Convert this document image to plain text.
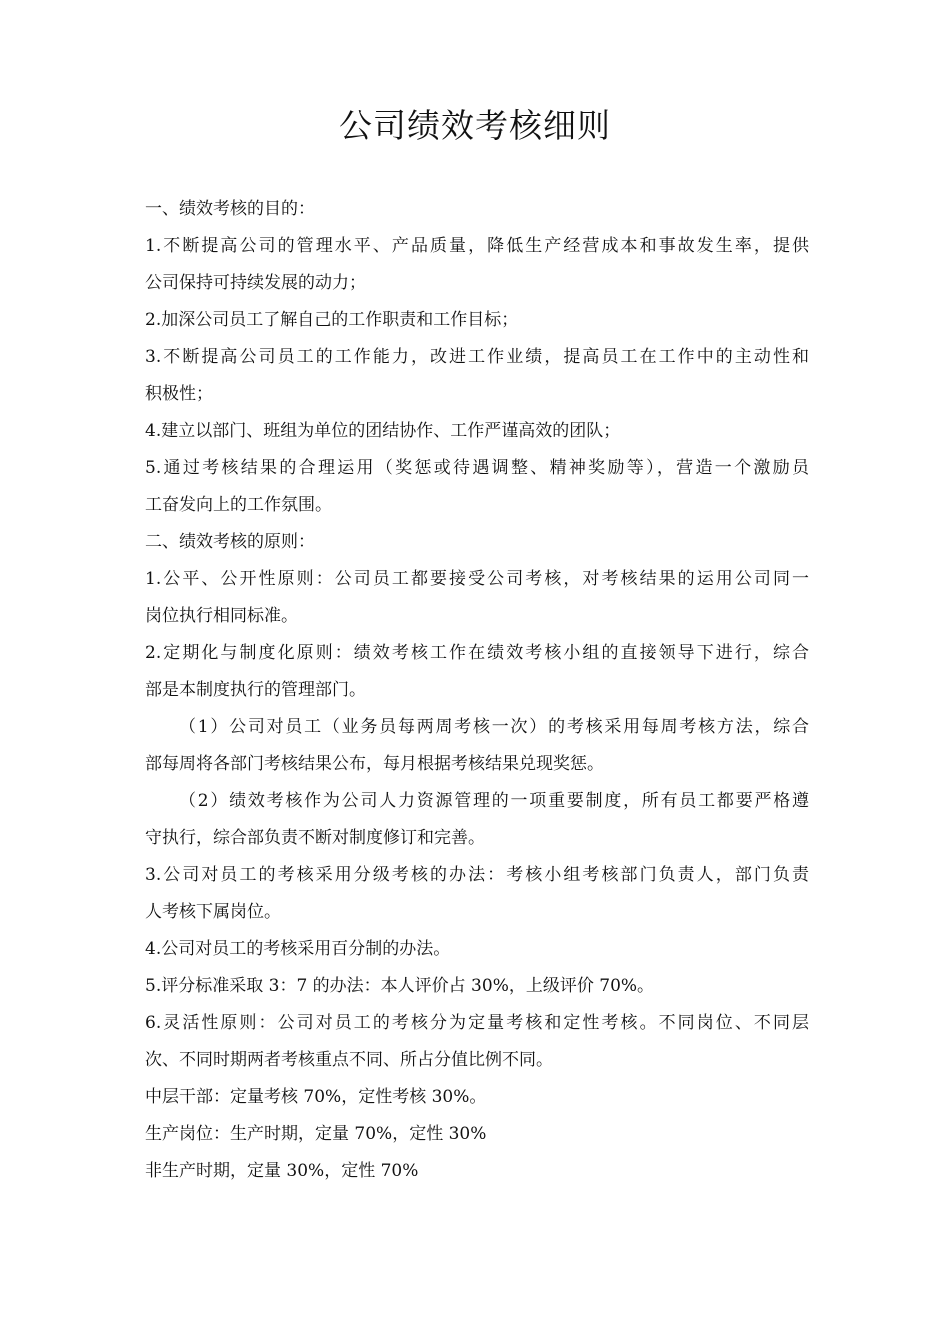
公司绩效考核细则
一、绩效考核的目的：
1.不断提高公司的管理水平、产品质量，降低生产经营成本和事故发生率，提供
公司保持可持续发展的动力；
2.加深公司员工了解自己的工作职责和工作目标；
3.不断提高公司员工的工作能力，改进工作业绩，提高员工在工作中的主动性和
积极性；
4.建立以部门、班组为单位的团结协作、工作严谨高效的团队；
5.通过考核结果的合理运用（奖惩或待遇调整、精神奖励等），营造一个激励员
工奋发向上的工作氛围。
二、绩效考核的原则：
1.公平、公开性原则：公司员工都要接受公司考核，对考核结果的运用公司同一
岗位执行相同标准。
2.定期化与制度化原则：绩效考核工作在绩效考核小组的直接领导下进行，综合
部是本制度执行的管理部门。
（1）公司对员工（业务员每两周考核一次）的考核采用每周考核方法，综合
部每周将各部门考核结果公布，每月根据考核结果兑现奖惩。
（2）绩效考核作为公司人力资源管理的一项重要制度，所有员工都要严格遵
守执行，综合部负责不断对制度修订和完善。
3.公司对员工的考核采用分级考核的办法：考核小组考核部门负责人，部门负责
人考核下属岗位。
4.公司对员工的考核采用百分制的办法。
5.评分标准采取 3：7 的办法：本人评价占 30%，上级评价 70%。
6.灵活性原则：公司对员工的考核分为定量考核和定性考核。不同岗位、不同层
次、不同时期两者考核重点不同、所占分值比例不同。
中层干部：定量考核 70%，定性考核 30%。
生产岗位：生产时期，定量 70%，定性 30%
非生产时期，定量 30%，定性 70%
